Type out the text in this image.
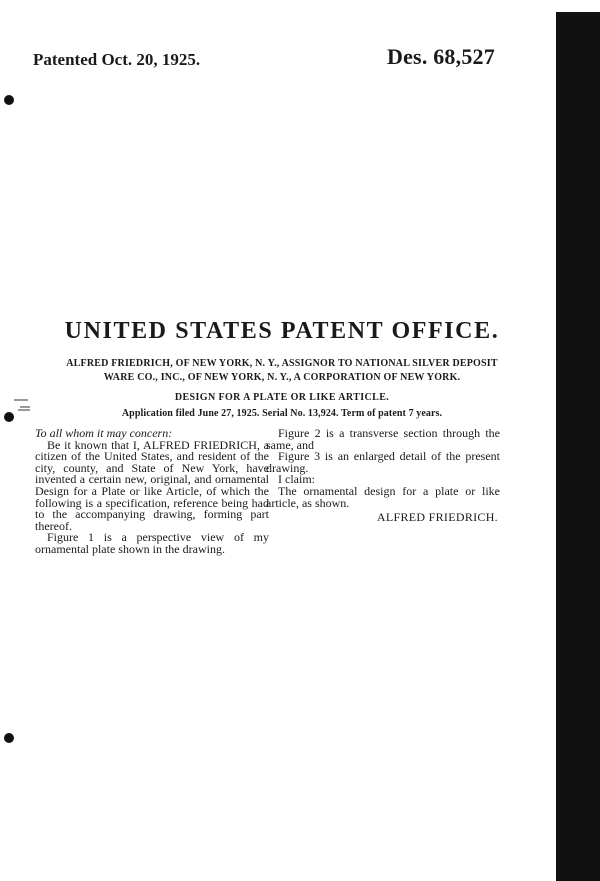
Patented Oct. 20, 1925.	Des. 68,527
UNITED STATES PATENT OFFICE.
ALFRED FRIEDRICH, OF NEW YORK, N. Y., ASSIGNOR TO NATIONAL SILVER DEPOSIT
WARE CO., INC., OF NEW YORK, N. Y., A CORPORATION OF NEW YORK.
DESIGN FOR A PLATE OR LIKE ARTICLE.
Application filed June 27, 1925. Serial No. 13,924. Term of patent 7 years.
To all whom it may concern:
Be it known that I, ALFRED FRIEDRICH, a citizen of the United States, and resident of the city, county, and State of New York, have invented a certain new, original, and ornamental Design for a Plate or like Article, of which the following is a specification, reference being had to the accompanying drawing, forming part thereof.
Figure 1 is a perspective view of my ornamental plate shown in the drawing.
Figure 2 is a transverse section through the same, and
Figure 3 is an enlarged detail of the present drawing.
I claim:
The ornamental design for a plate or like article, as shown.
ALFRED FRIEDRICH.
